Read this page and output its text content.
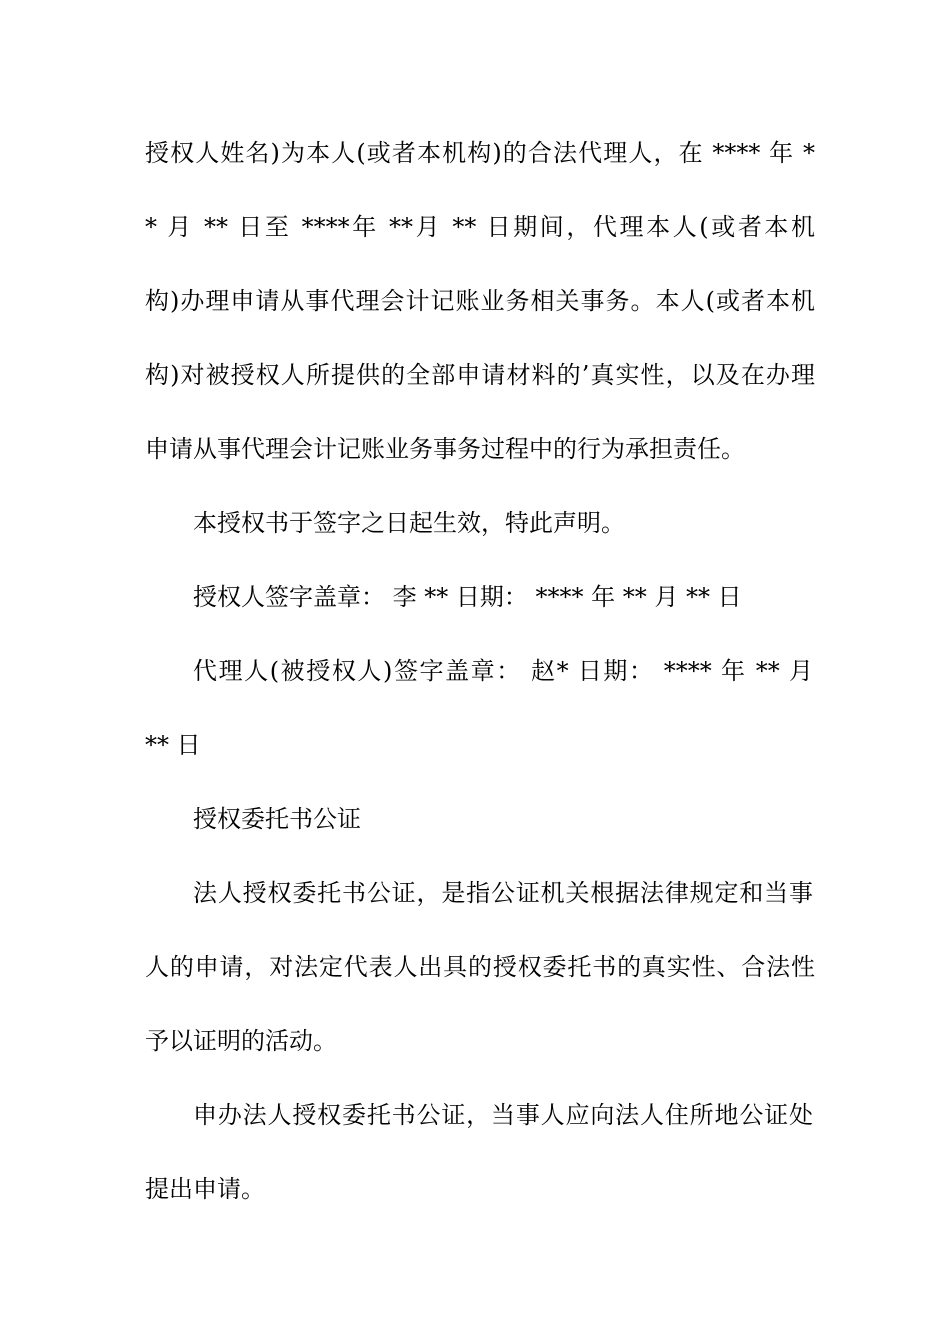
授权人姓名)为本人(或者本机构)的合法代理人，在 **** 年 *
* 月 ** 日至 ****年 **月 ** 日期间，代理本人(或者本机
构)办理申请从事代理会计记账业务相关事务。本人(或者本机
构)对被授权人所提供的全部申请材料的’真实性，以及在办理
申请从事代理会计记账业务事务过程中的行为承担责任。
本授权书于签字之日起生效，特此声明。
授权人签字盖章： 李 ** 日期： **** 年 ** 月 ** 日
代理人(被授权人)签字盖章： 赵* 日期： **** 年 ** 月
** 日
授权委托书公证
法人授权委托书公证，是指公证机关根据法律规定和当事
人的申请，对法定代表人出具的授权委托书的真实性、合法性
予以证明的活动。
申办法人授权委托书公证，当事人应向法人住所地公证处
提出申请。
